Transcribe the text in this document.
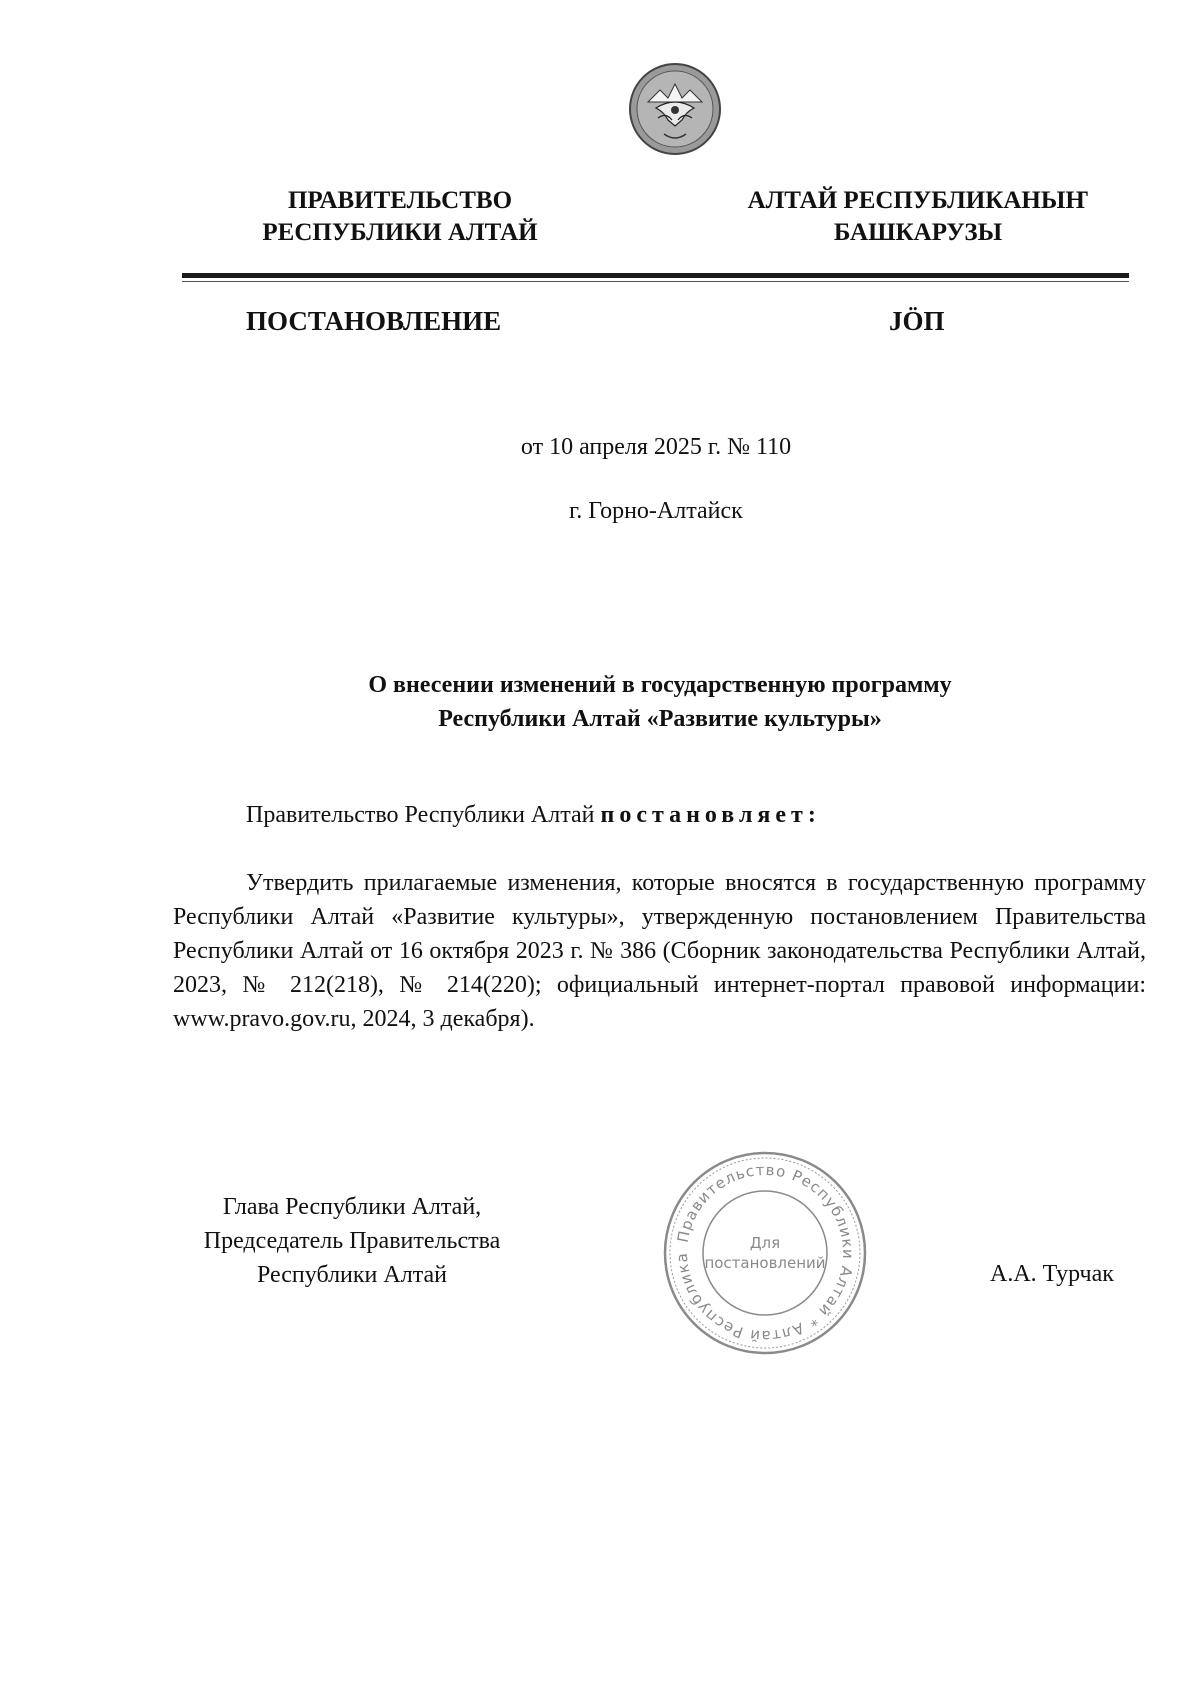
ПРАВИТЕЛЬСТВО
РЕСПУБЛИКИ АЛТАЙ
АЛТАЙ РЕСПУБЛИКАНЫҤ
БАШКАРУЗЫ
ПОСТАНОВЛЕНИЕ	JӦП
от 10 апреля 2025 г. № 110
г. Горно-Алтайск
О внесении изменений в государственную программу
Республики Алтай «Развитие культуры»
Правительство Республики Алтай постановляет:

Утвердить прилагаемые изменения, которые вносятся в государственную программу Республики Алтай «Развитие культуры», утвержденную постановлением Правительства Республики Алтай от 16 октября 2023 г. № 386 (Сборник законодательства Республики Алтай, 2023, № 212(218), № 214(220); официальный интернет-портал правовой информации: www.pravo.gov.ru, 2024, 3 декабря).

Глава Республики Алтай,
Председатель Правительства
Республики Алтай
Правительство Республики Алтай * Алтай Республика
Для
постановлений	А.А. Турчак
